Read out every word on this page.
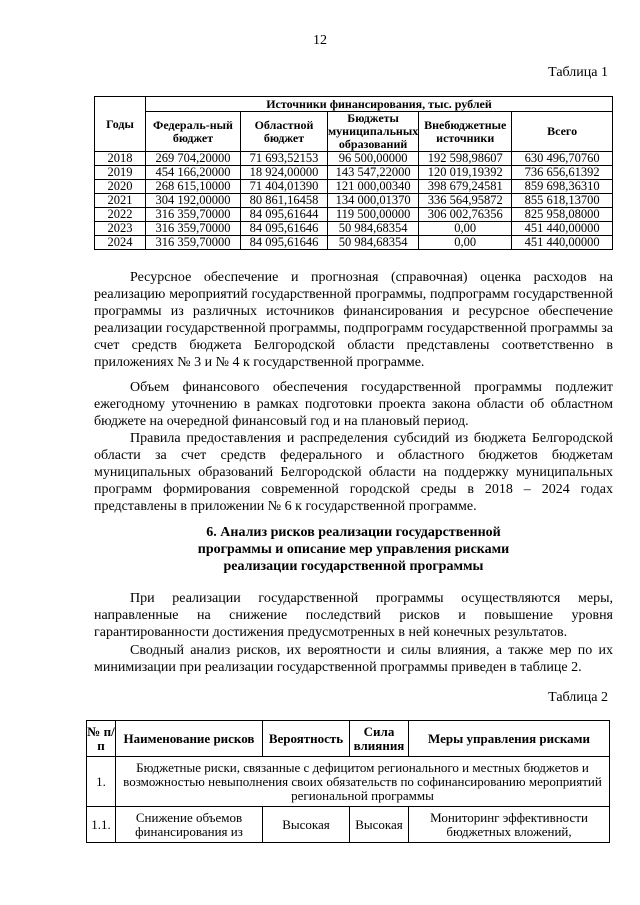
12
Таблица 1
Годы	Источники финансирования, тыс. рублей				
	Федераль-ный бюджет	Областной бюджет	Бюджеты муниципальных образований	Внебюджетные источники	Всего
2018	269 704,20000	71 693,52153	96 500,00000	192 598,98607	630 496,70760
2019	454 166,20000	18 924,00000	143 547,22000	120 019,19392	736 656,61392
2020	268 615,10000	71 404,01390	121 000,00340	398 679,24581	859 698,36310
2021	304 192,00000	80 861,16458	134 000,01370	336 564,95872	855 618,13700
2022	316 359,70000	84 095,61644	119 500,00000	306 002,76356	825 958,08000
2023	316 359,70000	84 095,61646	50 984,68354	0,00	451 440,00000
2024	316 359,70000	84 095,61646	50 984,68354	0,00	451 440,00000
Ресурсное обеспечение и прогнозная (справочная) оценка расходов на реализацию мероприятий государственной программы, подпрограмм государственной программы из различных источников финансирования и ресурсное обеспечение реализации государственной программы, подпрограмм государственной программы за счет средств бюджета Белгородской области представлены соответственно в приложениях № 3 и № 4 к государственной программе.
Объем финансового обеспечения государственной программы подлежит ежегодному уточнению в рамках подготовки проекта закона области об областном бюджете на очередной финансовый год и на плановый период.
Правила предоставления и распределения субсидий из бюджета Белгородской области за счет средств федерального и областного бюджетов бюджетам муниципальных образований Белгородской области на поддержку муниципальных программ формирования современной городской среды в 2018 – 2024 годах представлены в приложении № 6 к государственной программе.
6. Анализ рисков реализации государственной
программы и описание мер управления рисками
реализации государственной программы
При реализации государственной программы осуществляются меры, направленные на снижение последствий рисков и повышение уровня гарантированности достижения предусмотренных в ней конечных результатов.
Сводный анализ рисков, их вероятности и силы влияния, а также мер по их минимизации при реализации государственной программы приведен в таблице 2.
Таблица 2
№ п/п	Наименование рисков	Вероятность	Сила влияния	Меры управления рисками
1.	Бюджетные риски, связанные с дефицитом регионального и местных бюджетов и возможностью невыполнения своих обязательств по софинансированию мероприятий региональной программы			
1.1.	Снижение объемов финансирования из	Высокая	Высокая	Мониторинг эффективности бюджетных вложений,
